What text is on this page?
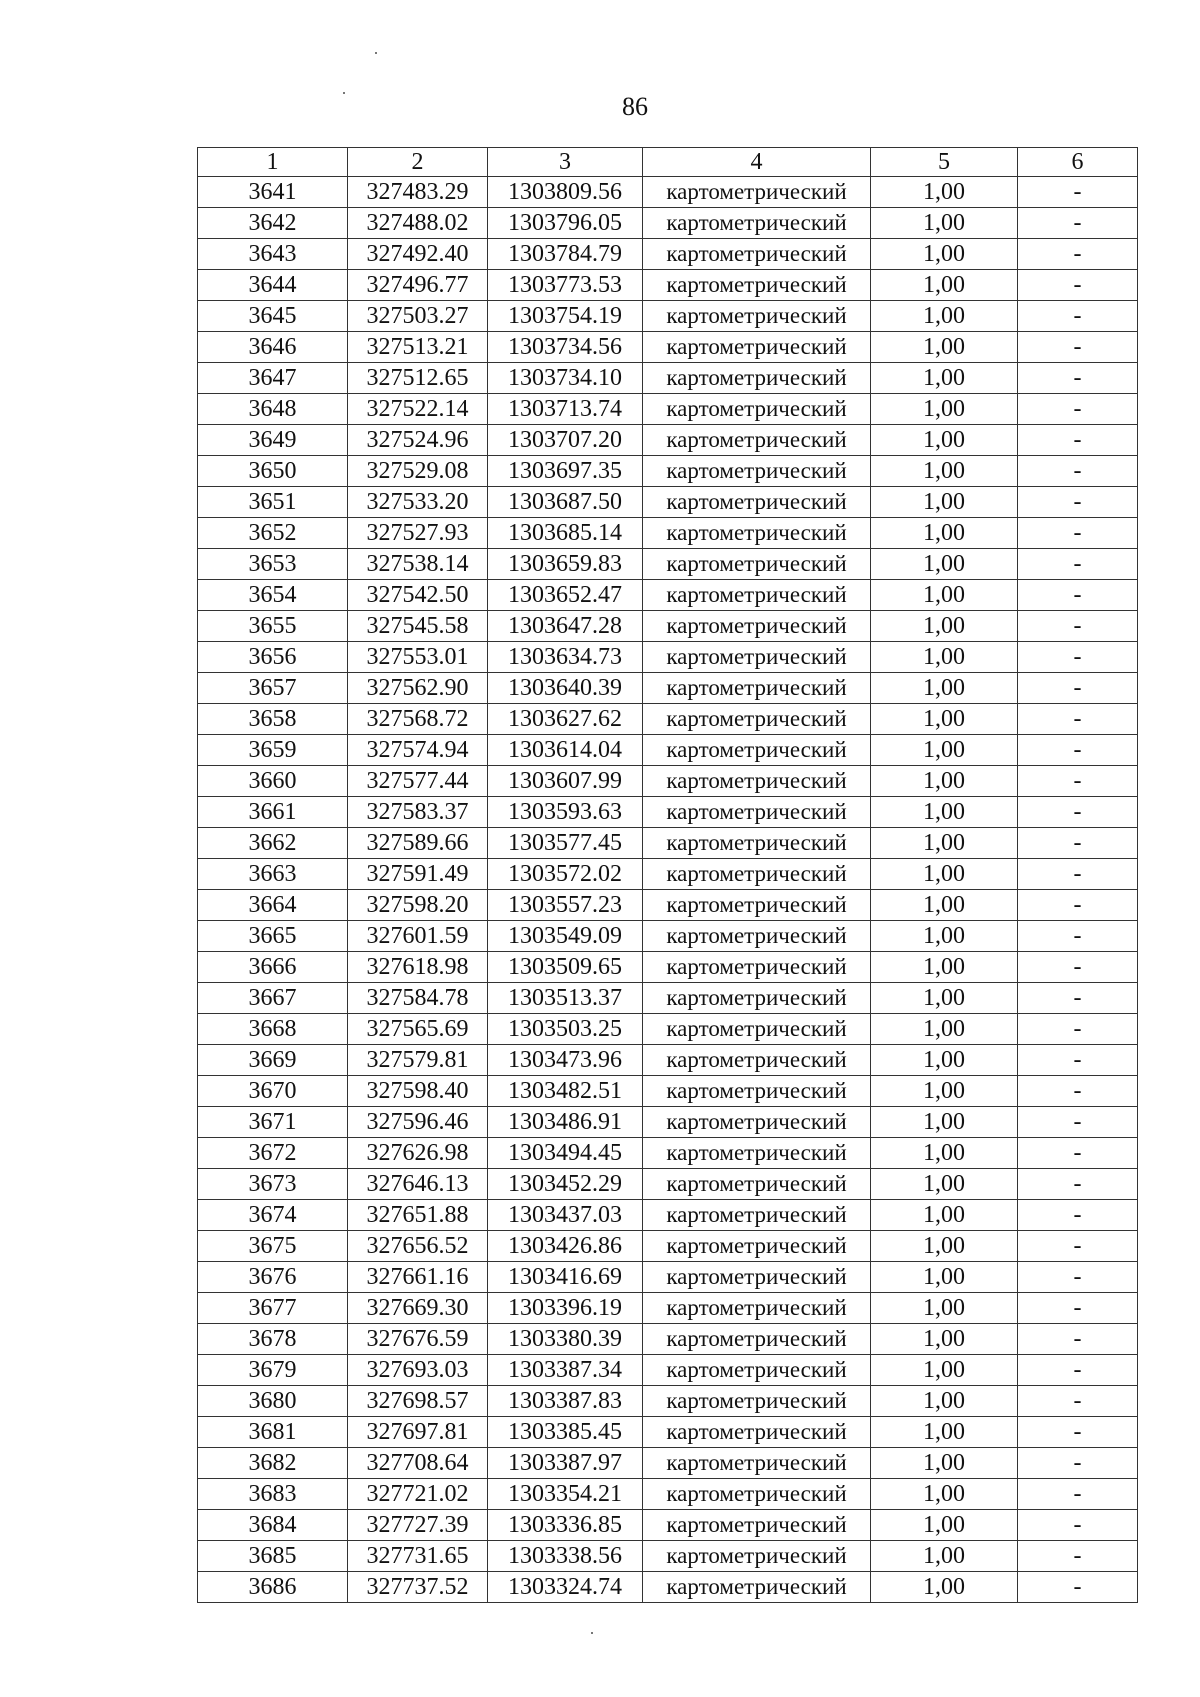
86
1	2	3	4	5	6
3641	327483.29	1303809.56	картометрический	1,00	-
3642	327488.02	1303796.05	картометрический	1,00	-
3643	327492.40	1303784.79	картометрический	1,00	-
3644	327496.77	1303773.53	картометрический	1,00	-
3645	327503.27	1303754.19	картометрический	1,00	-
3646	327513.21	1303734.56	картометрический	1,00	-
3647	327512.65	1303734.10	картометрический	1,00	-
3648	327522.14	1303713.74	картометрический	1,00	-
3649	327524.96	1303707.20	картометрический	1,00	-
3650	327529.08	1303697.35	картометрический	1,00	-
3651	327533.20	1303687.50	картометрический	1,00	-
3652	327527.93	1303685.14	картометрический	1,00	-
3653	327538.14	1303659.83	картометрический	1,00	-
3654	327542.50	1303652.47	картометрический	1,00	-
3655	327545.58	1303647.28	картометрический	1,00	-
3656	327553.01	1303634.73	картометрический	1,00	-
3657	327562.90	1303640.39	картометрический	1,00	-
3658	327568.72	1303627.62	картометрический	1,00	-
3659	327574.94	1303614.04	картометрический	1,00	-
3660	327577.44	1303607.99	картометрический	1,00	-
3661	327583.37	1303593.63	картометрический	1,00	-
3662	327589.66	1303577.45	картометрический	1,00	-
3663	327591.49	1303572.02	картометрический	1,00	-
3664	327598.20	1303557.23	картометрический	1,00	-
3665	327601.59	1303549.09	картометрический	1,00	-
3666	327618.98	1303509.65	картометрический	1,00	-
3667	327584.78	1303513.37	картометрический	1,00	-
3668	327565.69	1303503.25	картометрический	1,00	-
3669	327579.81	1303473.96	картометрический	1,00	-
3670	327598.40	1303482.51	картометрический	1,00	-
3671	327596.46	1303486.91	картометрический	1,00	-
3672	327626.98	1303494.45	картометрический	1,00	-
3673	327646.13	1303452.29	картометрический	1,00	-
3674	327651.88	1303437.03	картометрический	1,00	-
3675	327656.52	1303426.86	картометрический	1,00	-
3676	327661.16	1303416.69	картометрический	1,00	-
3677	327669.30	1303396.19	картометрический	1,00	-
3678	327676.59	1303380.39	картометрический	1,00	-
3679	327693.03	1303387.34	картометрический	1,00	-
3680	327698.57	1303387.83	картометрический	1,00	-
3681	327697.81	1303385.45	картометрический	1,00	-
3682	327708.64	1303387.97	картометрический	1,00	-
3683	327721.02	1303354.21	картометрический	1,00	-
3684	327727.39	1303336.85	картометрический	1,00	-
3685	327731.65	1303338.56	картометрический	1,00	-
3686	327737.52	1303324.74	картометрический	1,00	-
